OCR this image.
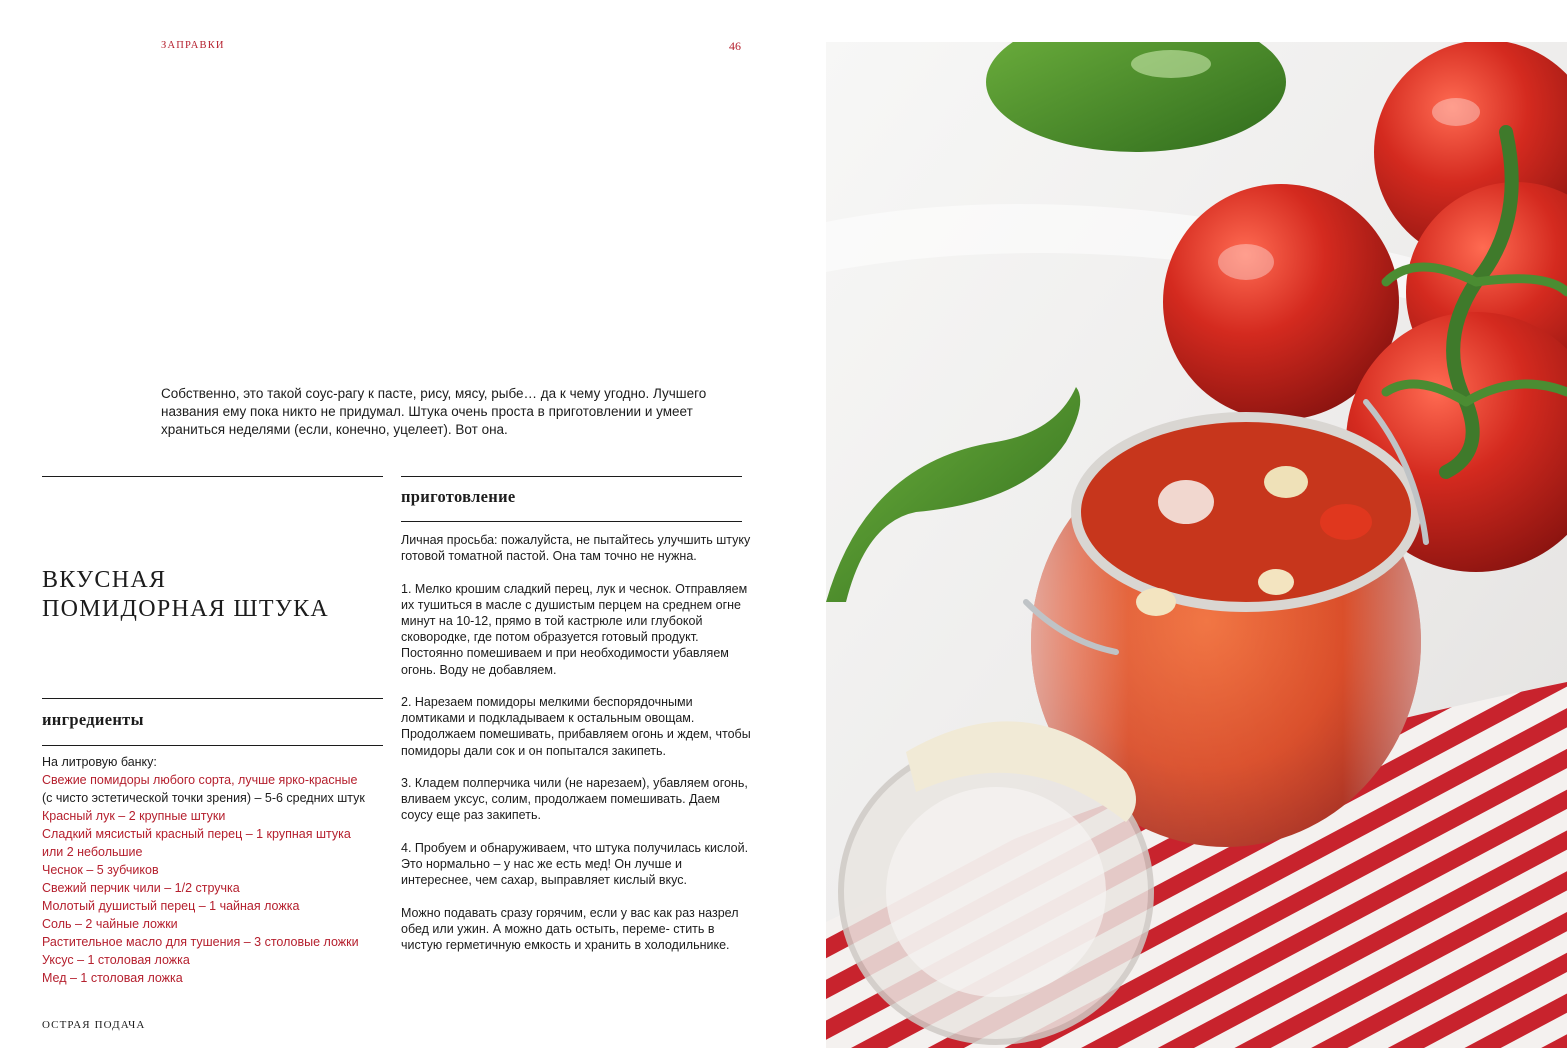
ЗАПРАВКИ	46
Собственно, это такой соус-рагу к пасте, рису, мясу, рыбе… да к чему угодно. Лучшего названия ему пока никто не придумал. Штука очень проста в приготовлении и умеет храниться неделями (если, конечно, уцелеет). Вот она.
ВКУСНАЯ
ПОМИДОРНАЯ ШТУКА
приготовление
ингредиенты
На литровую банку:
Свежие помидоры любого сорта, лучше ярко-красные
(с чисто эстетической точки зрения) – 5-6 средних штук
Красный лук – 2 крупные штуки
Сладкий мясистый красный перец – 1 крупная штука
или 2 небольшие
Чеснок – 5 зубчиков
Свежий перчик чили – 1/2 стручка
Молотый душистый перец – 1 чайная ложка
Соль – 2 чайные ложки
Растительное масло для тушения – 3 столовые ложки
Уксус – 1 столовая ложка
Мед – 1 столовая ложка

Личная просьба: пожалуйста, не пытайтесь улучшить штуку готовой томатной пастой. Она там точно не нужна.

1. Мелко крошим сладкий перец, лук и чеснок. Отправляем их тушиться в масле с душистым перцем на среднем огне минут на 10-12, прямо в той кастрюле или глубокой сковородке, где потом образуется готовый продукт. Постоянно помешиваем и при необходимости убавляем огонь. Воду не добавляем.

2. Нарезаем помидоры мелкими беспорядочными ломтиками и подкладываем к остальным овощам. Продолжаем помешивать, прибавляем огонь и ждем, чтобы помидоры дали сок и он попытался закипеть.

3. Кладем полперчика чили (не нарезаем), убавляем огонь, вливаем уксус, солим, продолжаем помешивать. Даем соусу еще раз закипеть.

4. Пробуем и обнаруживаем, что штука получилась кислой. Это нормально – у нас же есть мед! Он лучше и интереснее, чем сахар, выправляет кислый вкус.

Можно подавать сразу горячим, если у вас как раз назрел обед или ужин. А можно дать остыть, переме- стить в чистую герметичную емкость и хранить в холодильнике.

ОСТРАЯ ПОДАЧА
